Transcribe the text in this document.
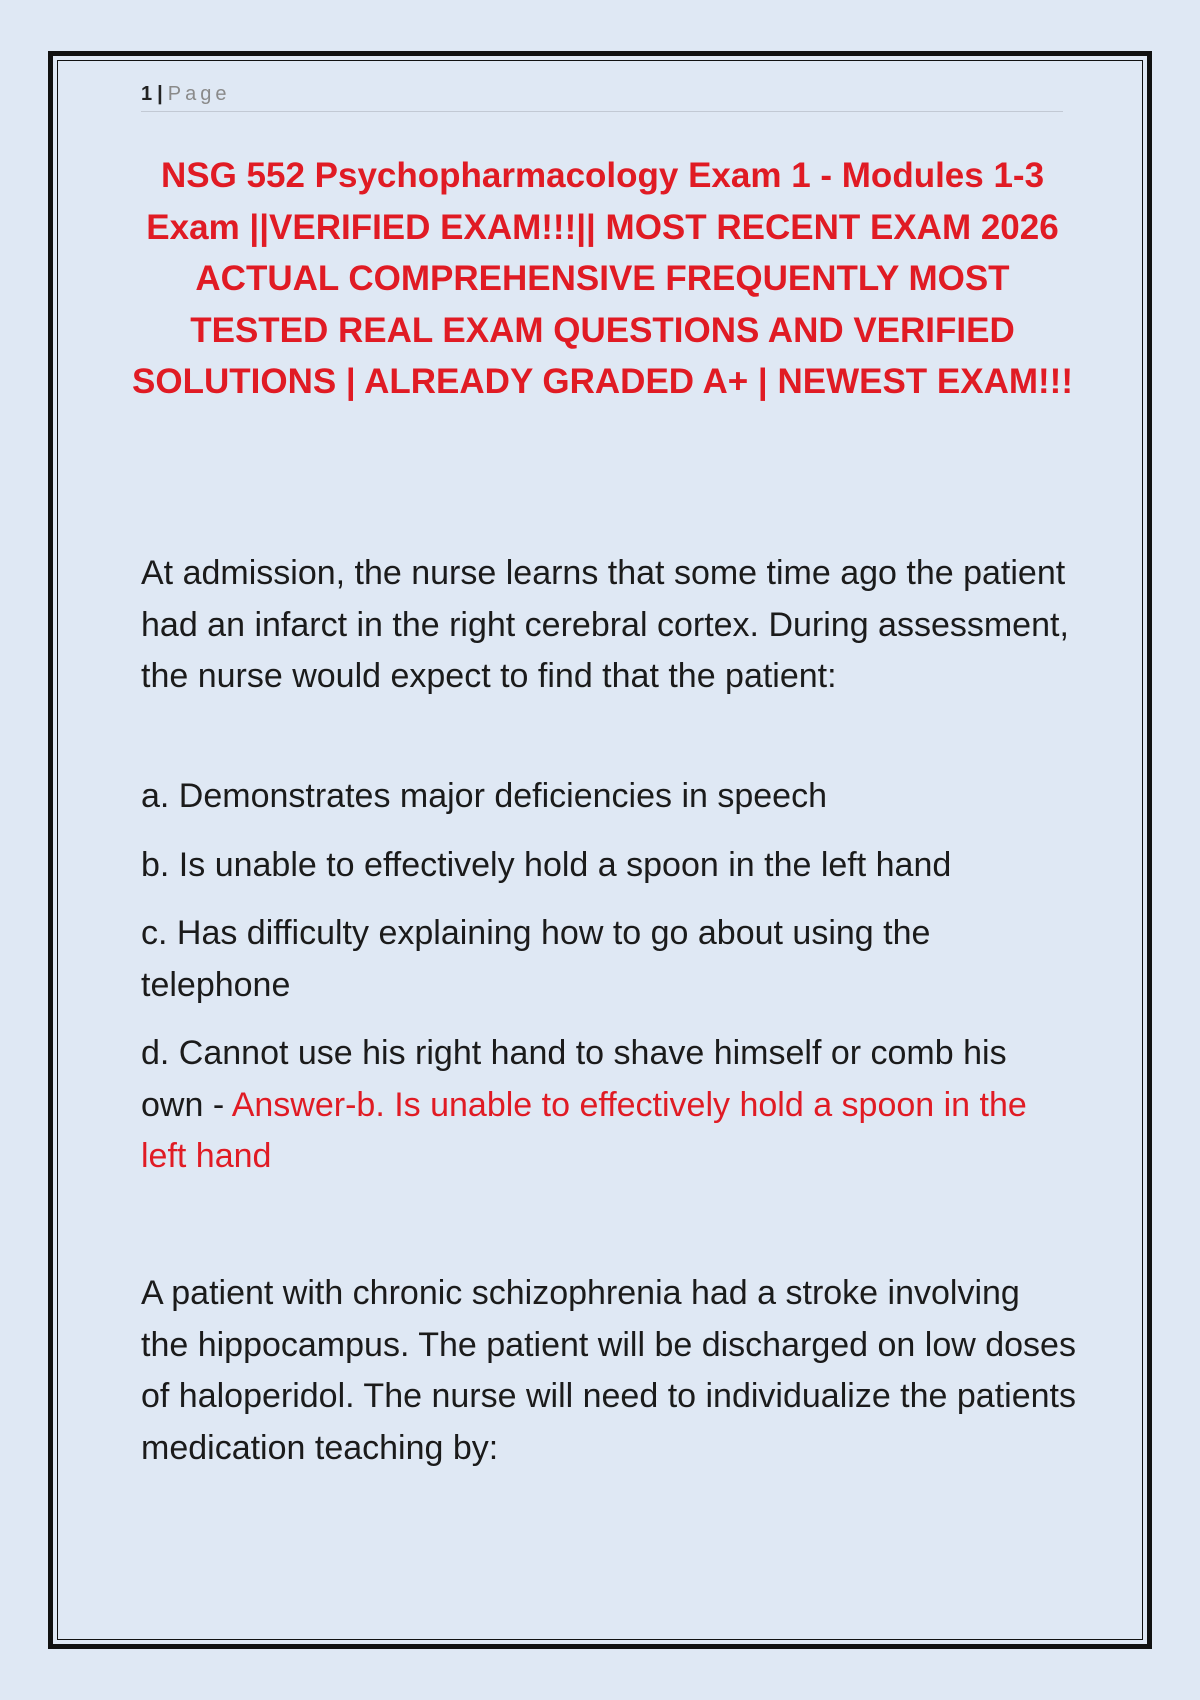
1 | Page
NSG 552 Psychopharmacology Exam 1 - Modules 1-3 Exam ||VERIFIED EXAM!!!|| MOST RECENT EXAM 2026 ACTUAL COMPREHENSIVE FREQUENTLY MOST TESTED REAL EXAM QUESTIONS AND VERIFIED SOLUTIONS | ALREADY GRADED A+ | NEWEST EXAM!!!

At admission, the nurse learns that some time ago the patient had an infarct in the right cerebral cortex. During assessment, the nurse would expect to find that the patient:

a. Demonstrates major deficiencies in speech

b. Is unable to effectively hold a spoon in the left hand

c. Has difficulty explaining how to go about using the telephone

d. Cannot use his right hand to shave himself or comb his own - Answer-b. Is unable to effectively hold a spoon in the left hand

A patient with chronic schizophrenia had a stroke involving the hippocampus. The patient will be discharged on low doses of haloperidol. The nurse will need to individualize the patients medication teaching by:
